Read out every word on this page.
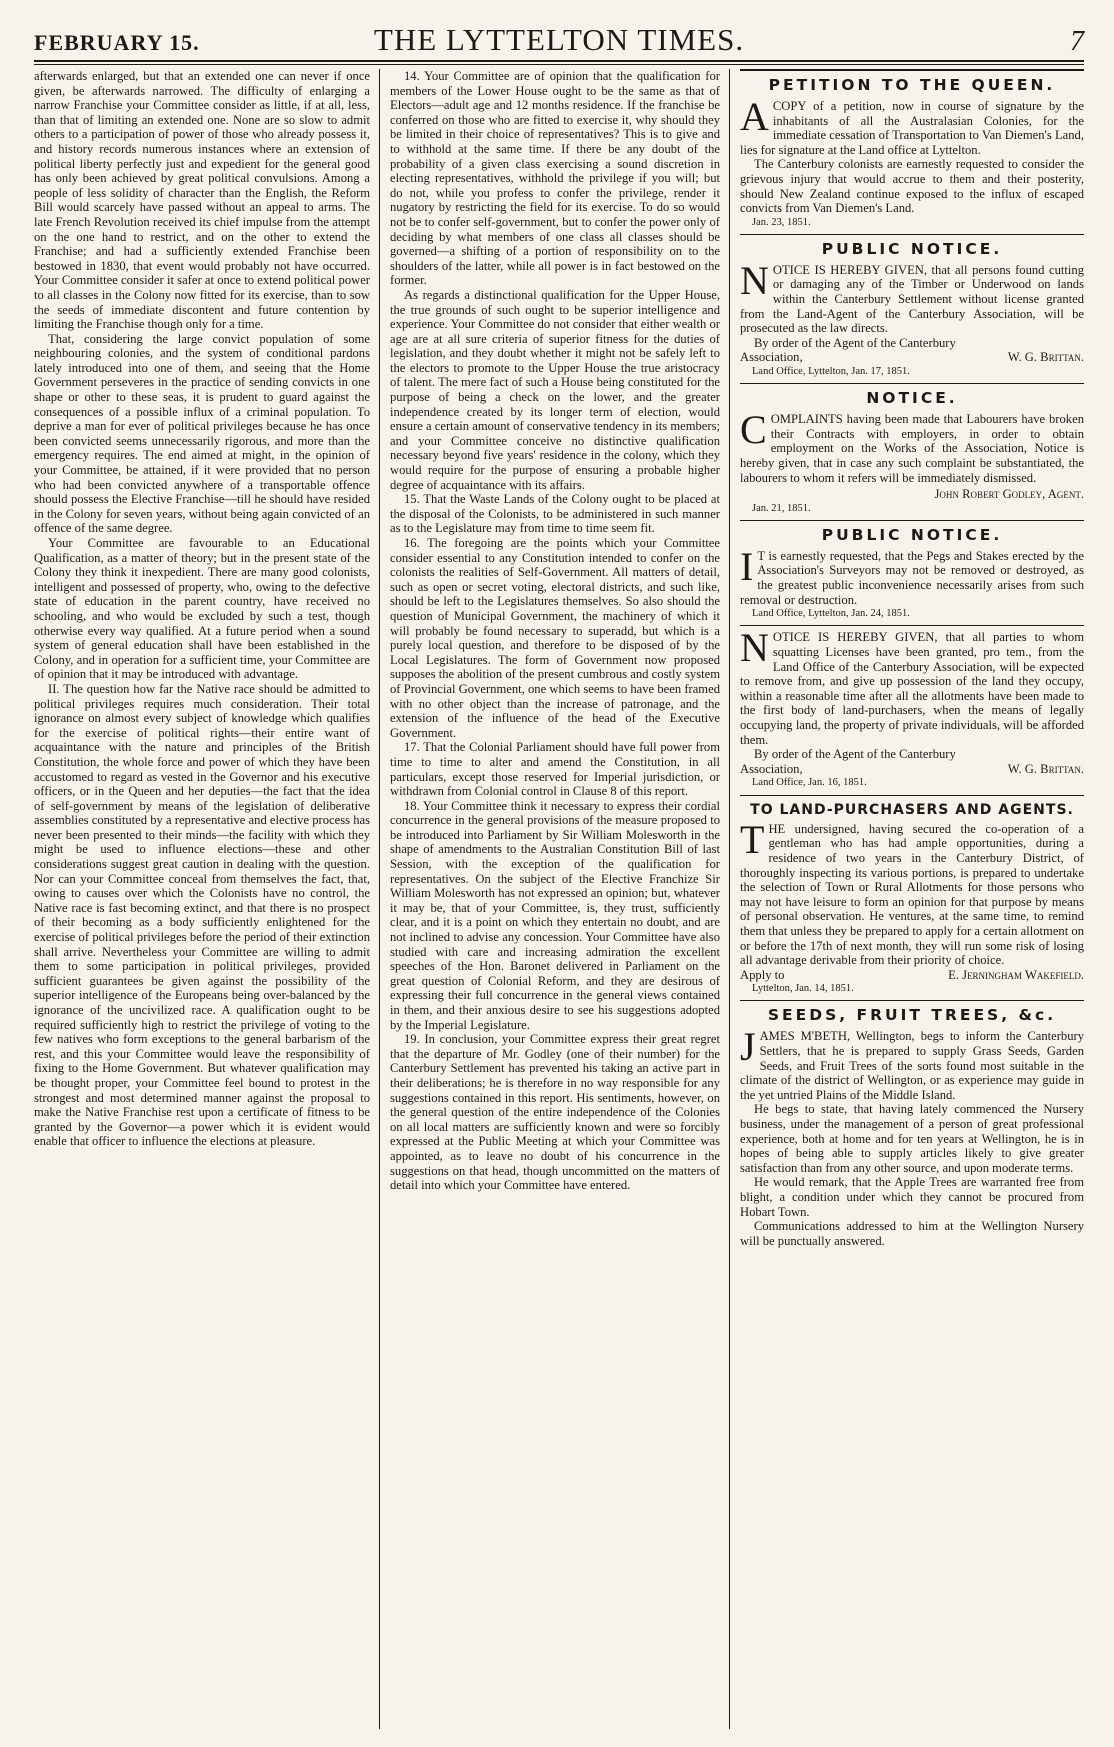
FEBRUARY 15.	THE LYTTELTON TIMES.	7

afterwards enlarged, but that an extended one can never if once given, be afterwards narrowed. The difficulty of enlarging a narrow Franchise your Committee consider as little, if at all, less, than that of limiting an extended one. None are so slow to admit others to a participation of power of those who already possess it, and history records numerous instances where an extension of political liberty perfectly just and expedient for the general good has only been achieved by great political convulsions. Among a people of less solidity of character than the English, the Reform Bill would scarcely have passed without an appeal to arms. The late French Revolution received its chief impulse from the attempt on the one hand to restrict, and on the other to extend the Franchise; and had a sufficiently extended Franchise been bestowed in 1830, that event would probably not have occurred. Your Committee consider it safer at once to extend political power to all classes in the Colony now fitted for its exercise, than to sow the seeds of immediate discontent and future contention by limiting the Franchise though only for a time.

That, considering the large convict population of some neighbouring colonies, and the system of conditional pardons lately introduced into one of them, and seeing that the Home Government perseveres in the practice of sending convicts in one shape or other to these seas, it is prudent to guard against the consequences of a possible influx of a criminal population. To deprive a man for ever of political privileges because he has once been convicted seems unnecessarily rigorous, and more than the emergency requires. The end aimed at might, in the opinion of your Committee, be attained, if it were provided that no person who had been convicted anywhere of a transportable offence should possess the Elective Franchise—till he should have resided in the Colony for seven years, without being again convicted of an offence of the same degree.

Your Committee are favourable to an Educational Qualification, as a matter of theory; but in the present state of the Colony they think it inexpedient. There are many good colonists, intelligent and possessed of property, who, owing to the defective state of education in the parent country, have received no schooling, and who would be excluded by such a test, though otherwise every way qualified. At a future period when a sound system of general education shall have been established in the Colony, and in operation for a sufficient time, your Committee are of opinion that it may be introduced with advantage.

II. The question how far the Native race should be admitted to political privileges requires much consideration. Their total ignorance on almost every subject of knowledge which qualifies for the exercise of political rights—their entire want of acquaintance with the nature and principles of the British Constitution, the whole force and power of which they have been accustomed to regard as vested in the Governor and his executive officers, or in the Queen and her deputies—the fact that the idea of self-government by means of the legislation of deliberative assemblies constituted by a representative and elective process has never been presented to their minds—the facility with which they might be used to influence elections—these and other considerations suggest great caution in dealing with the question. Nor can your Committee conceal from themselves the fact, that, owing to causes over which the Colonists have no control, the Native race is fast becoming extinct, and that there is no prospect of their becoming as a body sufficiently enlightened for the exercise of political privileges before the period of their extinction shall arrive. Nevertheless your Committee are willing to admit them to some participation in political privileges, provided sufficient guarantees be given against the possibility of the superior intelligence of the Europeans being over-balanced by the ignorance of the uncivilized race. A qualification ought to be required sufficiently high to restrict the privilege of voting to the few natives who form exceptions to the general barbarism of the rest, and this your Committee would leave the responsibility of fixing to the Home Government. But whatever qualification may be thought proper, your Committee feel bound to protest in the strongest and most determined manner against the proposal to make the Native Franchise rest upon a certificate of fitness to be granted by the Governor—a power which it is evident would enable that officer to influence the elections at pleasure.

14. Your Committee are of opinion that the qualification for members of the Lower House ought to be the same as that of Electors—adult age and 12 months residence. If the franchise be conferred on those who are fitted to exercise it, why should they be limited in their choice of representatives? This is to give and to withhold at the same time. If there be any doubt of the probability of a given class exercising a sound discretion in electing representatives, withhold the privilege if you will; but do not, while you profess to confer the privilege, render it nugatory by restricting the field for its exercise. To do so would not be to confer self-government, but to confer the power only of deciding by what members of one class all classes should be governed—a shifting of a portion of responsibility on to the shoulders of the latter, while all power is in fact bestowed on the former.

As regards a distinctional qualification for the Upper House, the true grounds of such ought to be superior intelligence and experience. Your Committee do not consider that either wealth or age are at all sure criteria of superior fitness for the duties of legislation, and they doubt whether it might not be safely left to the electors to promote to the Upper House the true aristocracy of talent. The mere fact of such a House being constituted for the purpose of being a check on the lower, and the greater independence created by its longer term of election, would ensure a certain amount of conservative tendency in its members; and your Committee conceive no distinctive qualification necessary beyond five years' residence in the colony, which they would require for the purpose of ensuring a probable higher degree of acquaintance with its affairs.

15. That the Waste Lands of the Colony ought to be placed at the disposal of the Colonists, to be administered in such manner as to the Legislature may from time to time seem fit.

16. The foregoing are the points which your Committee consider essential to any Constitution intended to confer on the colonists the realities of Self-Government. All matters of detail, such as open or secret voting, electoral districts, and such like, should be left to the Legislatures themselves. So also should the question of Municipal Government, the machinery of which it will probably be found necessary to superadd, but which is a purely local question, and therefore to be disposed of by the Local Legislatures. The form of Government now proposed supposes the abolition of the present cumbrous and costly system of Provincial Government, one which seems to have been framed with no other object than the increase of patronage, and the extension of the influence of the head of the Executive Government.

17. That the Colonial Parliament should have full power from time to time to alter and amend the Constitution, in all particulars, except those reserved for Imperial jurisdiction, or withdrawn from Colonial control in Clause 8 of this report.

18. Your Committee think it necessary to express their cordial concurrence in the general provisions of the measure proposed to be introduced into Parliament by Sir William Molesworth in the shape of amendments to the Australian Constitution Bill of last Session, with the exception of the qualification for representatives. On the subject of the Elective Franchize Sir William Molesworth has not expressed an opinion; but, whatever it may be, that of your Committee, is, they trust, sufficiently clear, and it is a point on which they entertain no doubt, and are not inclined to advise any concession. Your Committee have also studied with care and increasing admiration the excellent speeches of the Hon. Baronet delivered in Parliament on the great question of Colonial Reform, and they are desirous of expressing their full concurrence in the general views contained in them, and their anxious desire to see his suggestions adopted by the Imperial Legislature.

19. In conclusion, your Committee express their great regret that the departure of Mr. Godley (one of their number) for the Canterbury Settlement has prevented his taking an active part in their deliberations; he is therefore in no way responsible for any suggestions contained in this report. His sentiments, however, on the general question of the entire independence of the Colonies on all local matters are sufficiently known and were so forcibly expressed at the Public Meeting at which your Committee was appointed, as to leave no doubt of his concurrence in the suggestions on that head, though uncommitted on the matters of detail into which your Committee have entered.

PETITION TO THE QUEEN.
A COPY of a petition, now in course of signature by the inhabitants of all the Australasian Colonies, for the immediate cessation of Transportation to Van Diemen's Land, lies for signature at the Land office at Lyttelton.

The Canterbury colonists are earnestly requested to consider the grievous injury that would accrue to them and their posterity, should New Zealand continue exposed to the influx of escaped convicts from Van Diemen's Land.

Jan. 23, 1851.
PUBLIC NOTICE.
N OTICE IS HEREBY GIVEN, that all persons found cutting or damaging any of the Timber or Underwood on lands within the Canterbury Settlement without license granted from the Land-Agent of the Canterbury Association, will be prosecuted as the law directs.

By order of the Agent of the Canterbury

Association,	W. G. Brittan.
Land Office, Lyttelton, Jan. 17, 1851.
NOTICE.
C OMPLAINTS having been made that Labourers have broken their Contracts with employers, in order to obtain employment on the Works of the Association, Notice is hereby given, that in case any such complaint be substantiated, the labourers to whom it refers will be immediately dismissed.

John Robert Godley, Agent.
Jan. 21, 1851.
PUBLIC NOTICE.
I T is earnestly requested, that the Pegs and Stakes erected by the Association's Surveyors may not be removed or destroyed, as the greatest public inconvenience necessarily arises from such removal or destruction.

Land Office, Lyttelton, Jan. 24, 1851.
N OTICE IS HEREBY GIVEN, that all parties to whom squatting Licenses have been granted, pro tem., from the Land Office of the Canterbury Association, will be expected to remove from, and give up possession of the land they occupy, within a reasonable time after all the allotments have been made to the first body of land-purchasers, when the means of legally occupying land, the property of private individuals, will be afforded them.

By order of the Agent of the Canterbury

Association,	W. G. Brittan.
Land Office, Jan. 16, 1851.
TO LAND-PURCHASERS AND AGENTS.
T HE undersigned, having secured the co-operation of a gentleman who has had ample opportunities, during a residence of two years in the Canterbury District, of thoroughly inspecting its various portions, is prepared to undertake the selection of Town or Rural Allotments for those persons who may not have leisure to form an opinion for that purpose by means of personal observation. He ventures, at the same time, to remind them that unless they be prepared to apply for a certain allotment on or before the 17th of next month, they will run some risk of losing all advantage derivable from their priority of choice.

Apply to	E. Jerningham Wakefield.
Lyttelton, Jan. 14, 1851.
SEEDS, FRUIT TREES, &c.
J AMES M'BETH, Wellington, begs to inform the Canterbury Settlers, that he is prepared to supply Grass Seeds, Garden Seeds, and Fruit Trees of the sorts found most suitable in the climate of the district of Wellington, or as experience may guide in the yet untried Plains of the Middle Island.

He begs to state, that having lately commenced the Nursery business, under the management of a person of great professional experience, both at home and for ten years at Wellington, he is in hopes of being able to supply articles likely to give greater satisfaction than from any other source, and upon moderate terms.

He would remark, that the Apple Trees are warranted free from blight, a condition under which they cannot be procured from Hobart Town.

Communications addressed to him at the Wellington Nursery will be punctually answered.
